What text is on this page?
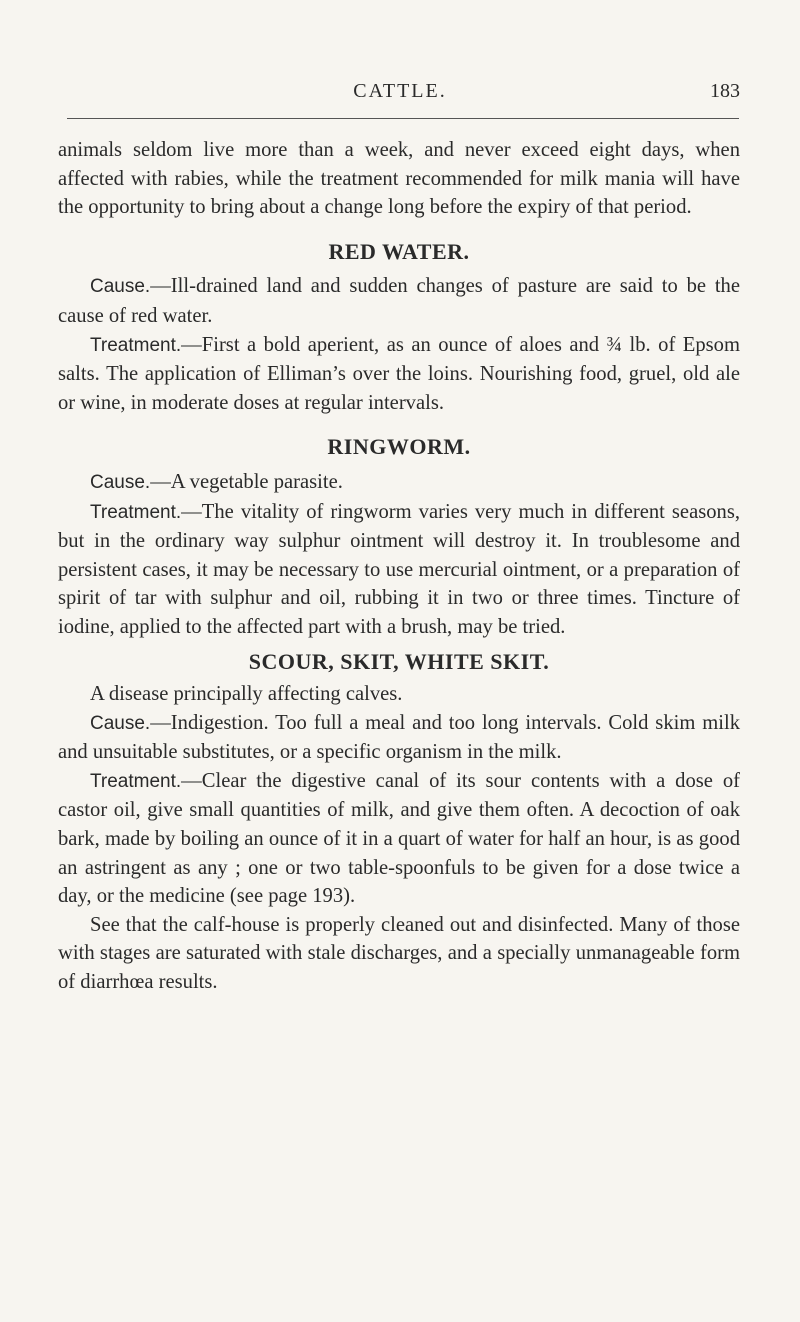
CATTLE.	183

animals seldom live more than a week, and never exceed eight days, when affected with rabies, while the treatment recommended for milk mania will have the opportunity to bring about a change long before the expiry of that period.

RED WATER.

Cause.—Ill-drained land and sudden changes of pasture are said to be the cause of red water.

Treatment.—First a bold aperient, as an ounce of aloes and ¾ lb. of Epsom salts. The application of Elliman’s over the loins. Nourishing food, gruel, old ale or wine, in moderate doses at regular intervals.

RINGWORM.

Cause.—A vegetable parasite.

Treatment.—The vitality of ringworm varies very much in different seasons, but in the ordinary way sulphur ointment will destroy it. In troublesome and persistent cases, it may be necessary to use mercurial ointment, or a preparation of spirit of tar with sulphur and oil, rubbing it in two or three times. Tincture of iodine, applied to the affected part with a brush, may be tried.

SCOUR, SKIT, WHITE SKIT.

A disease principally affecting calves.

Cause.—Indigestion. Too full a meal and too long intervals. Cold skim milk and unsuitable substitutes, or a specific organism in the milk.

Treatment.—Clear the digestive canal of its sour contents with a dose of castor oil, give small quantities of milk, and give them often. A decoction of oak bark, made by boiling an ounce of it in a quart of water for half an hour, is as good an astringent as any ; one or two table-spoonfuls to be given for a dose twice a day, or the medicine (see page 193).

See that the calf-house is properly cleaned out and disinfected. Many of those with stages are saturated with stale discharges, and a specially unmanageable form of diarrhœa results.
